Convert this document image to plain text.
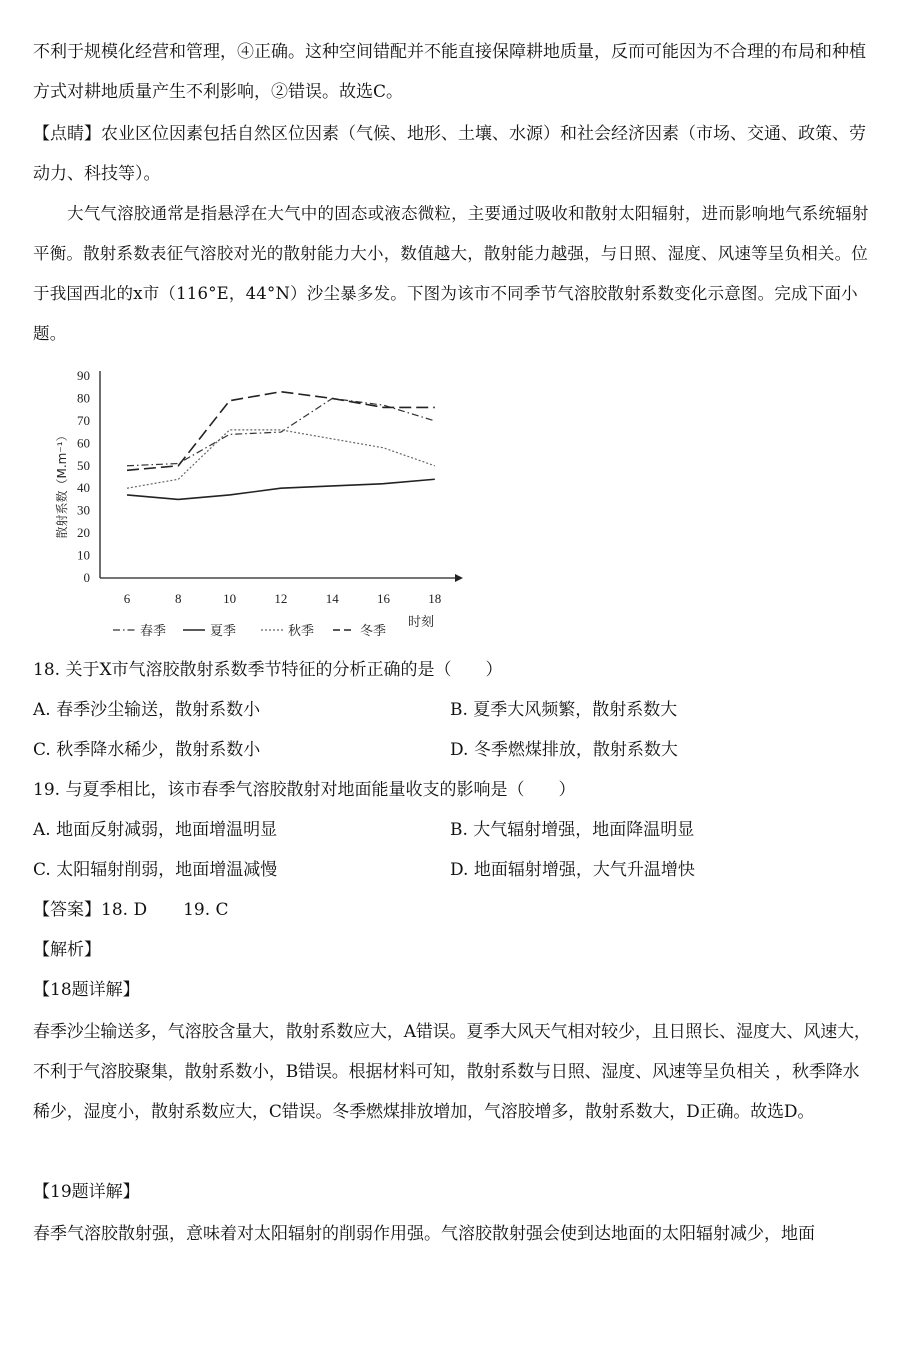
不利于规模化经营和管理，④正确。这种空间错配并不能直接保障耕地质量，反而可能因为不合理的布局和种植方式对耕地质量产生不利影响，②错误。故选C。

【点睛】农业区位因素包括自然区位因素（气候、地形、土壤、水源）和社会经济因素（市场、交通、政策、劳动力、科技等）。

大气气溶胶通常是指悬浮在大气中的固态或液态微粒，主要通过吸收和散射太阳辐射，进而影响地气系统辐射平衡。散射系数表征气溶胶对光的散射能力大小，数值越大，散射能力越强，与日照、湿度、风速等呈负相关。位于我国西北的x市（116°E，44°N）沙尘暴多发。下图为该市不同季节气溶胶散射系数变化示意图。完成下面小题。

0
10
20
30
40
50
60
70
80
90
6	8	10	12	14	16	18
时刻
散射系数（M.m⁻¹）
春季	夏季	秋季	冬季
18. 关于X市气溶胶散射系数季节特征的分析正确的是（　　）
A. 春季沙尘输送，散射系数小	B. 夏季大风频繁，散射系数大
C. 秋季降水稀少，散射系数小	D. 冬季燃煤排放，散射系数大
19. 与夏季相比，该市春季气溶胶散射对地面能量收支的影响是（　　）
A. 地面反射减弱，地面增温明显	B. 大气辐射增强，地面降温明显
C. 太阳辐射削弱，地面增温减慢	D. 地面辐射增强，大气升温增快
【答案】18. D 19. C
【解析】
【18题详解】

春季沙尘输送多，气溶胶含量大，散射系数应大，A错误。夏季大风天气相对较少，且日照长、湿度大、风速大，不利于气溶胶聚集，散射系数小，B错误。根据材料可知，散射系数与日照、湿度、风速等呈负相关 ，秋季降水稀少，湿度小，散射系数应大，C错误。冬季燃煤排放增加，气溶胶增多，散射系数大，D正确。故选D。

【19题详解】

春季气溶胶散射强，意味着对太阳辐射的削弱作用强。气溶胶散射强会使到达地面的太阳辐射减少，地面
